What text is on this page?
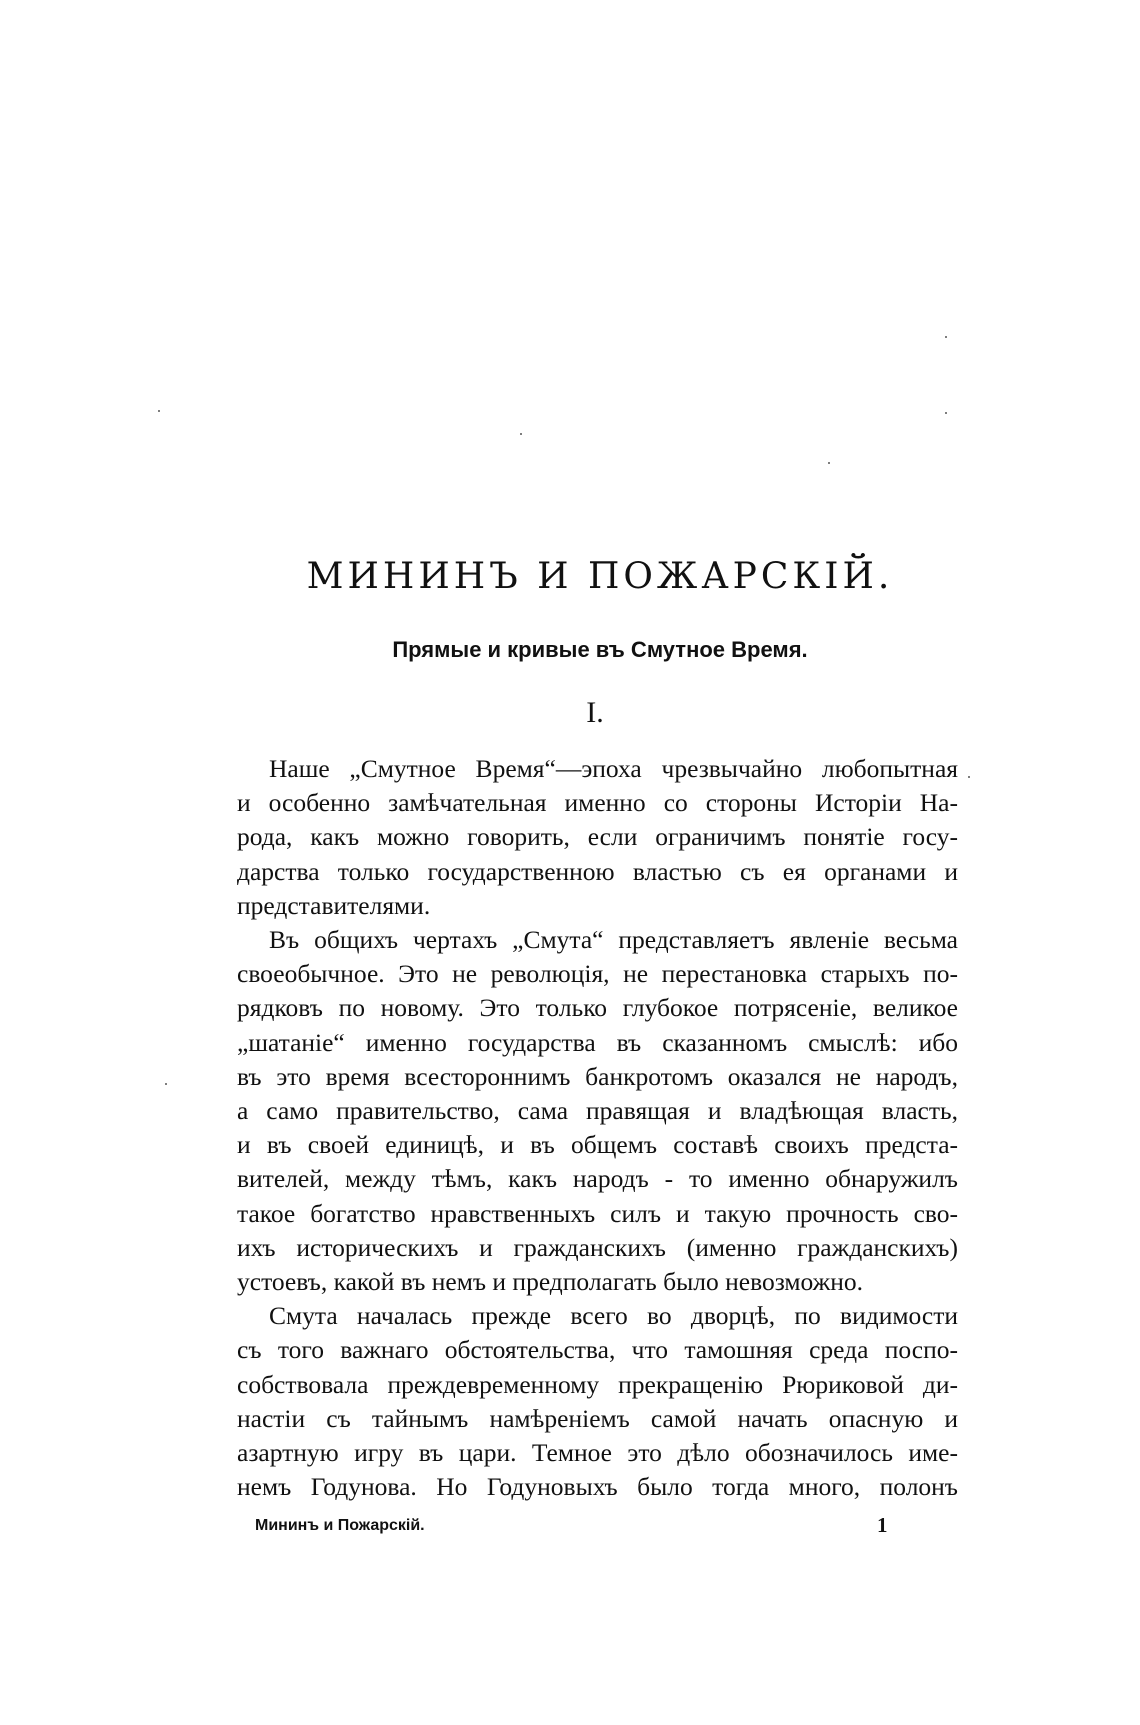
МИНИНЪ И ПОЖАРСКІЙ.
Прямые и кривые въ Смутное Время.
I.

Наше „Смутное Время“—эпоха чрезвычайно любопытная
и особенно замѣчательная именно со стороны Исторіи На-
рода, какъ можно говорить, если ограничимъ понятіе госу-
дарства только государственною властью съ ея органами и
представителями.

Въ общихъ чертахъ „Смута“ представляетъ явленіе весьма
своеобычное. Это не революція, не перестановка старыхъ по-
рядковъ по новому. Это только глубокое потрясеніе, великое
„шатаніе“ именно государства въ сказанномъ смыслѣ: ибо
въ это время всестороннимъ банкротомъ оказался не народъ,
а само правительство, сама правящая и владѣющая власть,
и въ своей единицѣ, и въ общемъ составѣ своихъ предста-
вителей, между тѣмъ, какъ народъ - то именно обнаружилъ
такое богатство нравственныхъ силъ и такую прочность сво-
ихъ историческихъ и гражданскихъ (именно гражданскихъ)
устоевъ, какой въ немъ и предполагать было невозможно.

Смута началась прежде всего во дворцѣ, по видимости
съ того важнаго обстоятельства, что тамошняя среда поспо-
собствовала преждевременному прекращенію Рюриковой ди-
настіи съ тайнымъ намѣреніемъ самой начать опасную и
азартную игру въ цари. Темное это дѣло обозначилось име-
немъ Годунова. Но Годуновыхъ было тогда много, полонъ

Мининъ и Пожарскій.	1
